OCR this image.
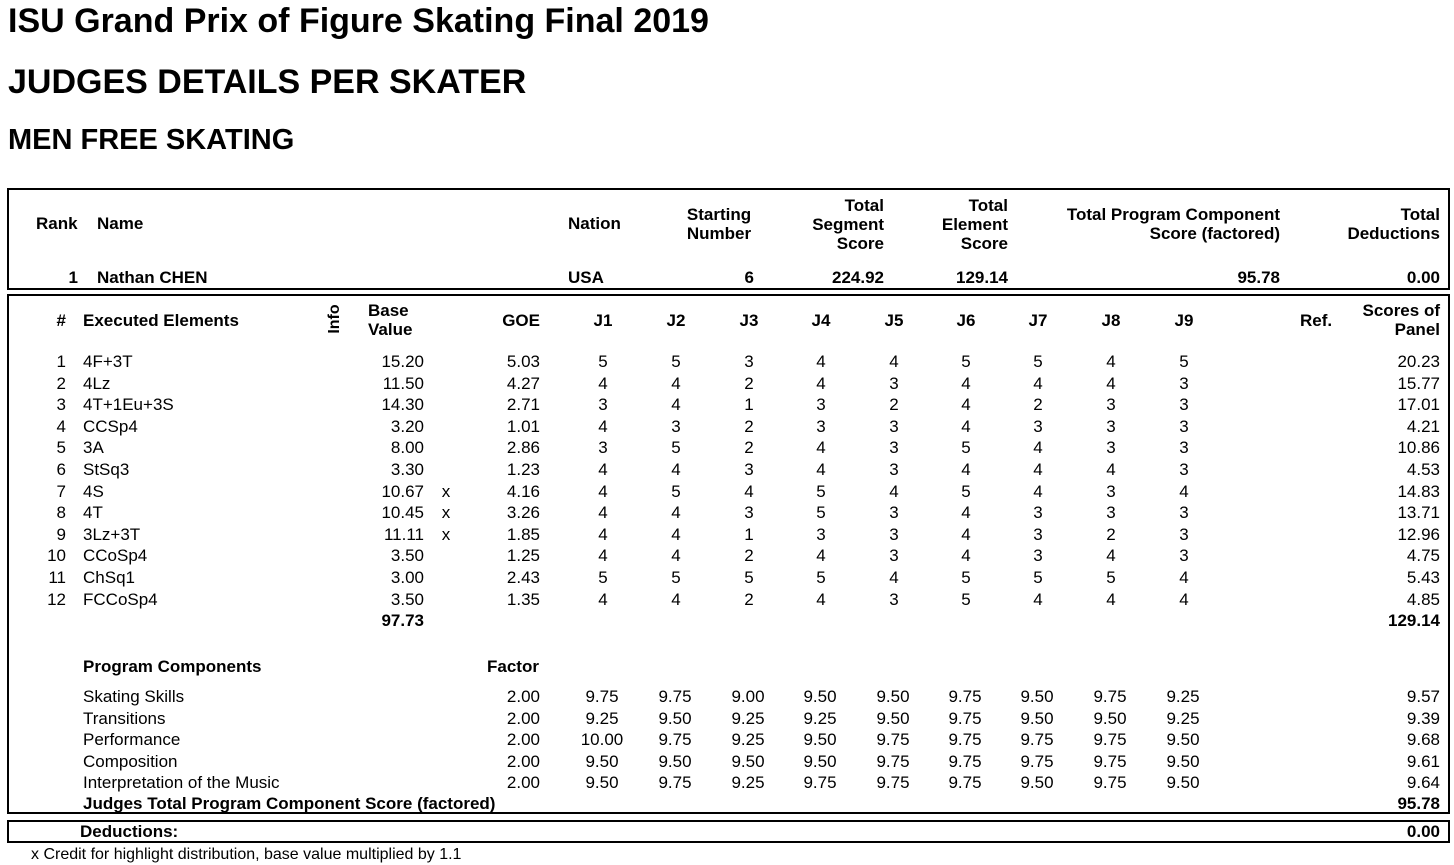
ISU Grand Prix of Figure Skating Final 2019
JUDGES DETAILS PER SKATER
MEN FREE SKATING
Rank Name	Nation	Starting
Number
Total
Segment
Score
Total
Element
Score
Total Program Component
Score (factored)
Total
Deductions
1 Nathan CHEN	USA	6	224.92	129.14	95.78	0.00
# Executed Elements	Info Base
Value	GOE	J1	J2	J3	J4	J5	J6	J7	J8	J9	Ref.
Scores of
Panel
1 4F+3T	15.20	5.03	5	5	3	4	4	5	5	4	5	20.23
2 4Lz	11.50	4.27	4	4	2	4	3	4	4	4	3	15.77
3 4T+1Eu+3S	14.30	2.71	3	4	1	3	2	4	2	3	3	17.01
4 CCSp4	3.20	1.01	4	3	2	3	3	4	3	3	3	4.21
5 3A	8.00	2.86	3	5	2	4	3	5	4	3	3	10.86
6 StSq3	3.30	1.23	4	4	3	4	3	4	4	4	3	4.53
7 4S	10.67	x	4.16	4	5	4	5	4	5	4	3	4	14.83
8 4T	10.45	x	3.26	4	4	3	5	3	4	3	3	3	13.71
9 3Lz+3T	11.11	x	1.85	4	4	1	3	3	4	3	2	3	12.96
10 CCoSp4	3.50	1.25	4	4	2	4	3	4	3	4	3	4.75
11 ChSq1	3.00	2.43	5	5	5	5	4	5	5	5	4	5.43
12 FCCoSp4	3.50	1.35	4	4	2	4	3	5	4	4	4	4.85
97.73	129.14
Program Components	Factor
Skating Skills	2.00	9.75	9.75	9.00	9.50	9.50	9.75	9.50	9.75	9.25	9.57
Transitions	2.00	9.25	9.50	9.25	9.25	9.50	9.75	9.50	9.50	9.25	9.39
Performance	2.00	10.00	9.75	9.25	9.50	9.75	9.75	9.75	9.75	9.50	9.68
Composition	2.00	9.50	9.50	9.50	9.50	9.75	9.75	9.75	9.75	9.50	9.61
Interpretation of the Music	2.00	9.50	9.75	9.25	9.75	9.75	9.75	9.50	9.75	9.50	9.64
Judges Total Program Component Score (factored)	95.78
Deductions:	0.00
x Credit for highlight distribution, base value multiplied by 1.1
